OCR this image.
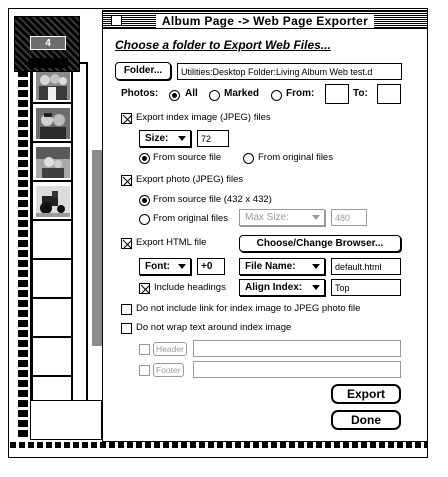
4
Album Page -> Web Page Exporter
Choose a folder to Export Web Files...
Folder...	Utilities:Desktop Folder:Living Album Web test.d
Photos:	All	Marked	From:	To:
Export index image (JPEG) files
Size:	72
From source file	From original files
Export photo (JPEG) files
From source file (432 x 432)
From original files	Max Size:	480
Export HTML file	Choose/Change Browser...
Font:	+0	File Name:	default.html
Include headings	Align Index:	Top
Do not include link for index image to JPEG photo file
Do not wrap text around index image
Header
Footer
Export
Done
